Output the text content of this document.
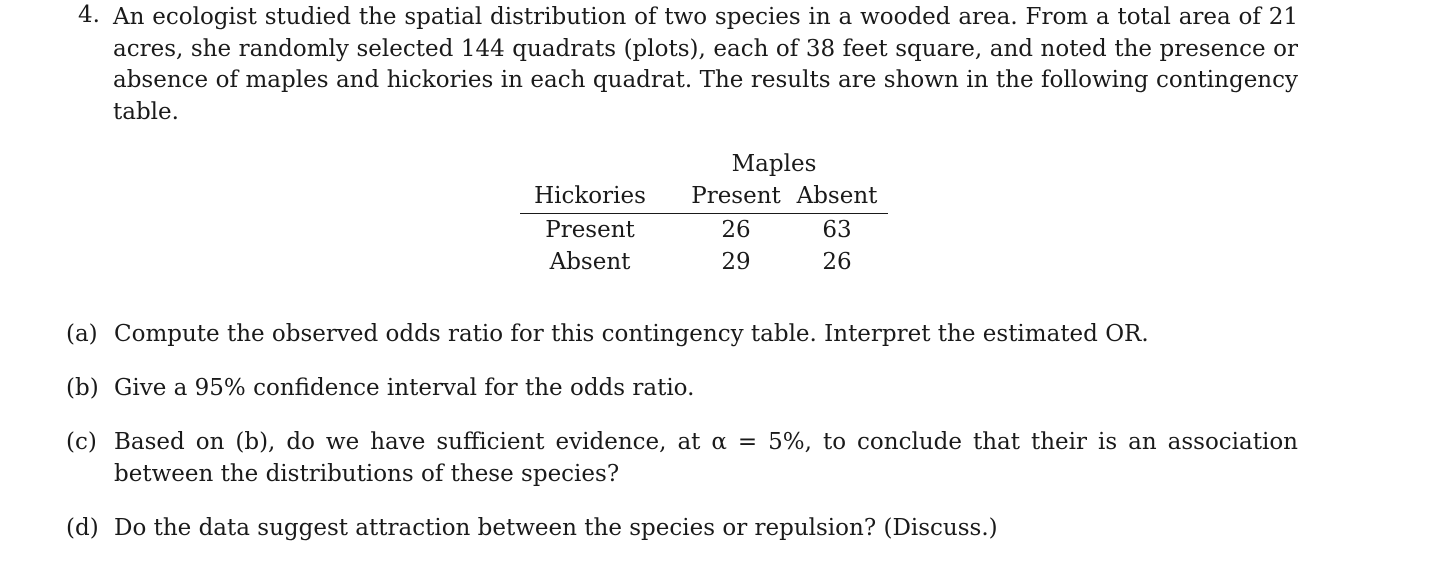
4. An ecologist studied the spatial distribution of two species in a wooded area. From a total area of 21 acres, she randomly selected 144 quadrats (plots), each of 38 feet square, and noted the presence or absence of maples and hickories in each quadrat. The results are shown in the following contingency table.
Maples
Hickories	Present Absent
Present	26	63
Absent	29	26
(a) Compute the observed odds ratio for this contingency table. Interpret the estimated OR.
(b) Give a 95% confidence interval for the odds ratio.
(c) Based on (b), do we have sufficient evidence, at α = 5%, to conclude that their is an association between the distributions of these species?
(d) Do the data suggest attraction between the species or repulsion? (Discuss.)
